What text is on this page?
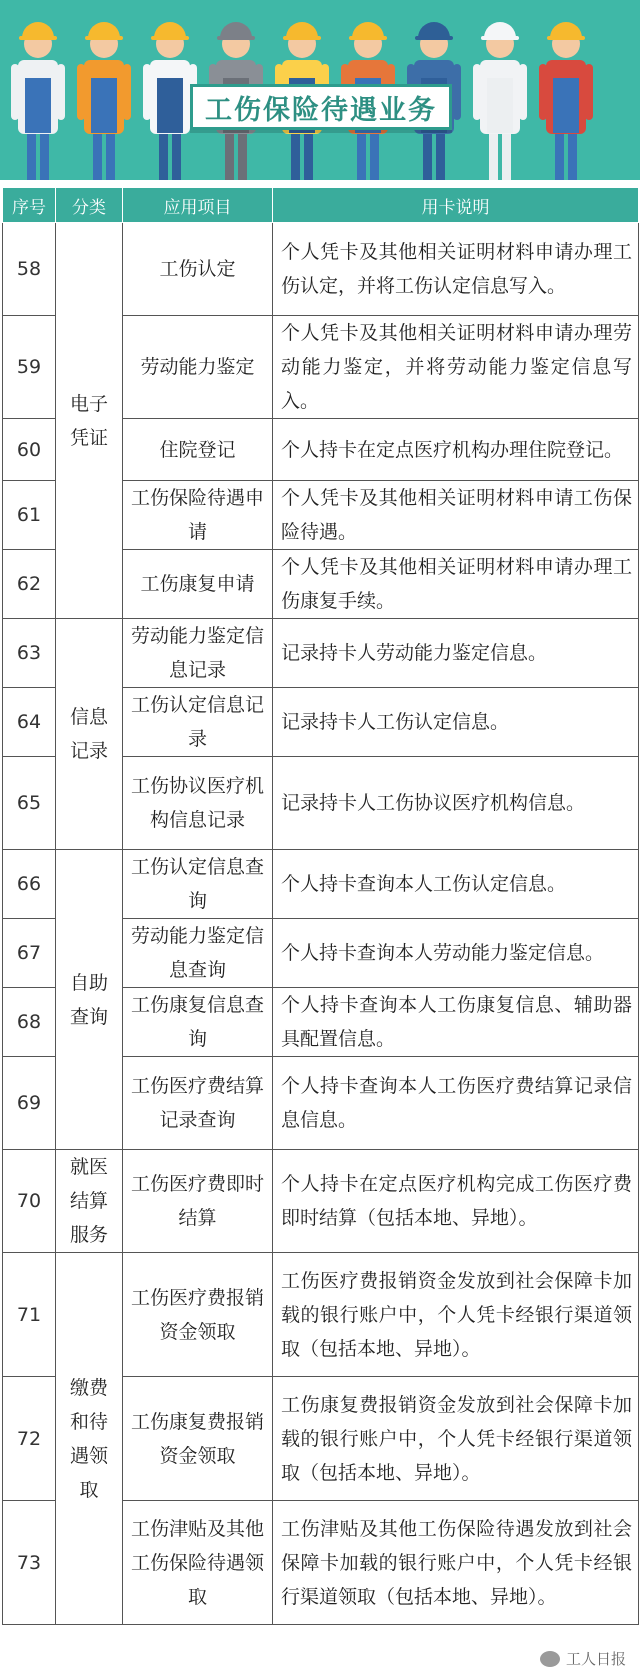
工伤保险待遇业务
序号	分类	应用项目	用卡说明
58	电子凭证	工伤认定	个人凭卡及其他相关证明材料申请办理工伤认定，并将工伤认定信息写入。
59		劳动能力鉴定	个人凭卡及其他相关证明材料申请办理劳动能力鉴定，并将劳动能力鉴定信息写入。
60		住院登记	个人持卡在定点医疗机构办理住院登记。
61		工伤保险待遇申请	个人凭卡及其他相关证明材料申请工伤保险待遇。
62		工伤康复申请	个人凭卡及其他相关证明材料申请办理工伤康复手续。
63	信息记录	劳动能力鉴定信息记录	记录持卡人劳动能力鉴定信息。
64		工伤认定信息记录	记录持卡人工伤认定信息。
65		工伤协议医疗机构信息记录	记录持卡人工伤协议医疗机构信息。
66	自助查询	工伤认定信息查询	个人持卡查询本人工伤认定信息。
67		劳动能力鉴定信息查询	个人持卡查询本人劳动能力鉴定信息。
68		工伤康复信息查询	个人持卡查询本人工伤康复信息、辅助器具配置信息。
69		工伤医疗费结算记录查询	个人持卡查询本人工伤医疗费结算记录信息信息。
70	就医结算服务	工伤医疗费即时结算	个人持卡在定点医疗机构完成工伤医疗费即时结算（包括本地、异地）。
71	缴费和待遇领取	工伤医疗费报销资金领取	工伤医疗费报销资金发放到社会保障卡加载的银行账户中，个人凭卡经银行渠道领取（包括本地、异地）。
72		工伤康复费报销资金领取	工伤康复费报销资金发放到社会保障卡加载的银行账户中，个人凭卡经银行渠道领取（包括本地、异地）。
73		工伤津贴及其他工伤保险待遇领取	工伤津贴及其他工伤保险待遇发放到社会保障卡加载的银行账户中，个人凭卡经银行渠道领取（包括本地、异地）。
工人日报
